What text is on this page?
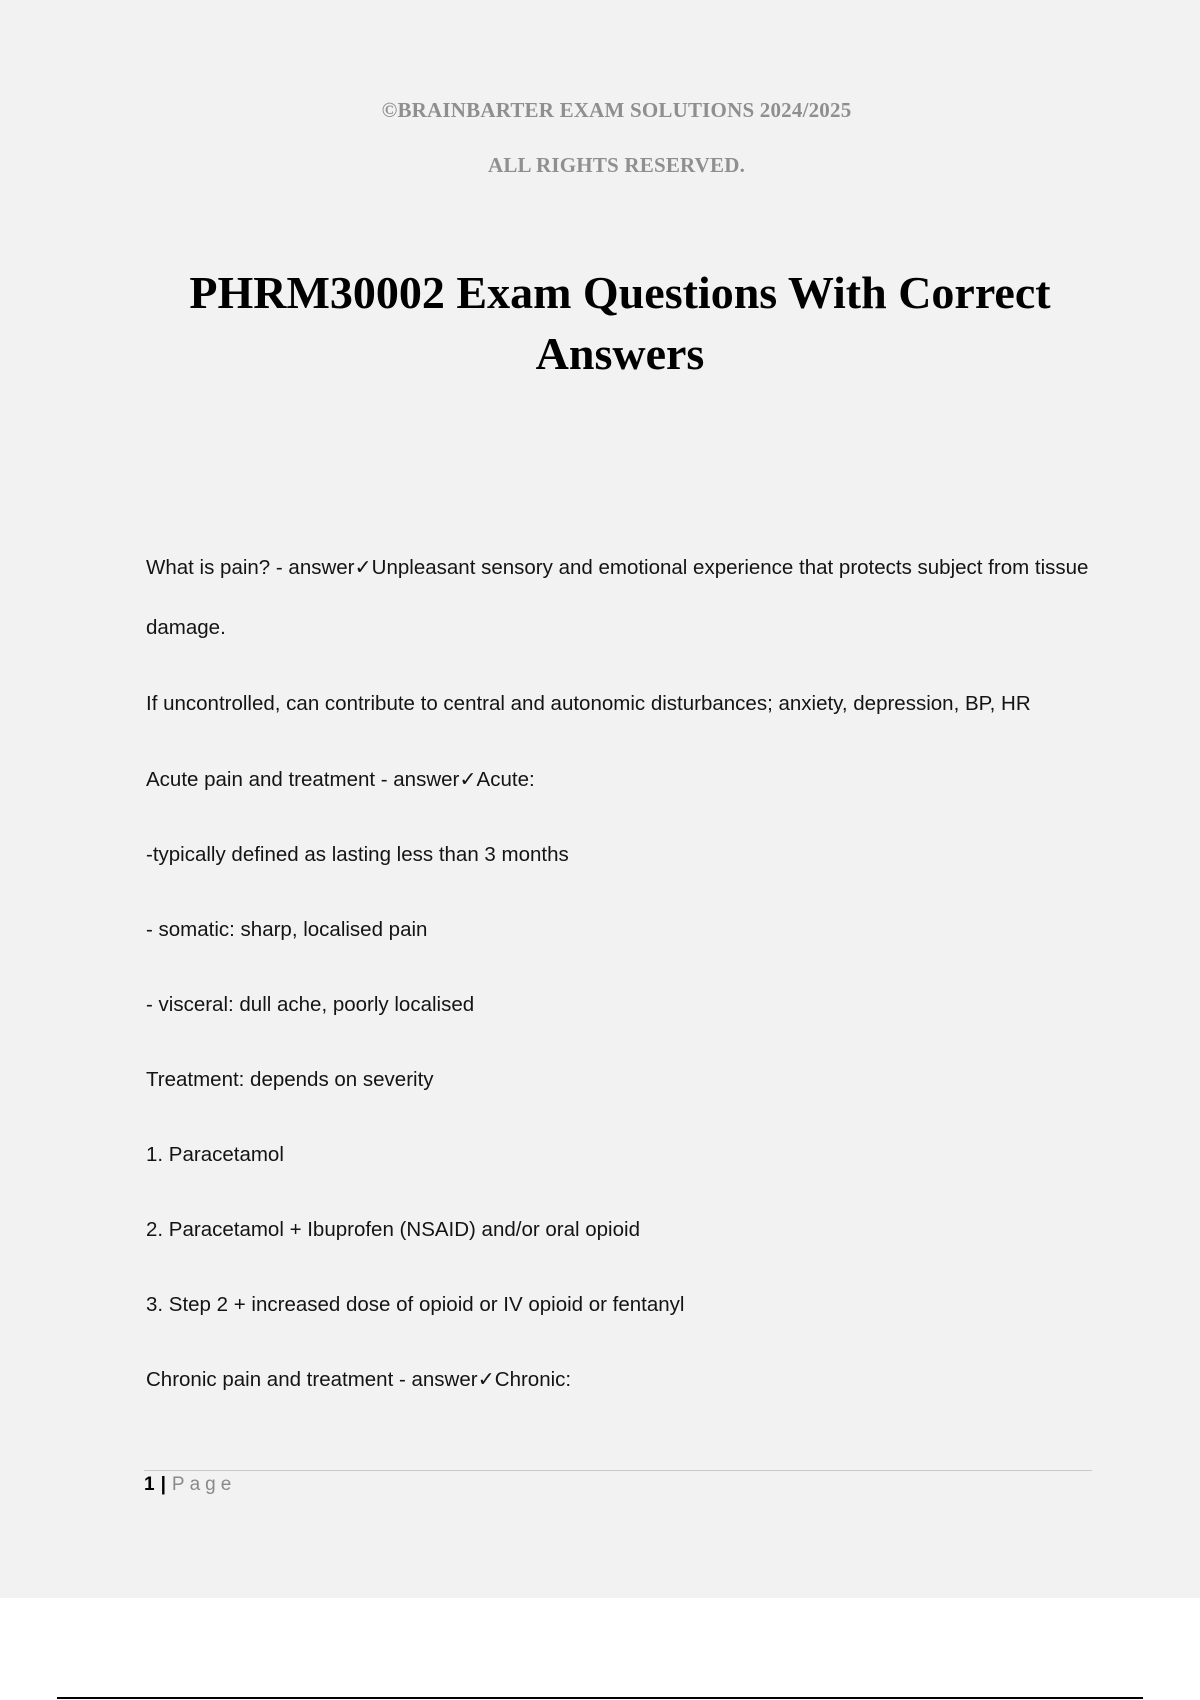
©BRAINBARTER EXAM SOLUTIONS 2024/2025
ALL RIGHTS RESERVED.
PHRM30002 Exam Questions With Correct Answers

What is pain? - answer✓Unpleasant sensory and emotional experience that protects subject from tissue damage.

If uncontrolled, can contribute to central and autonomic disturbances; anxiety, depression, BP, HR

Acute pain and treatment - answer✓Acute:

-typically defined as lasting less than 3 months

- somatic: sharp, localised pain

- visceral: dull ache, poorly localised

Treatment: depends on severity

1. Paracetamol

2. Paracetamol + Ibuprofen (NSAID) and/or oral opioid

3. Step 2 + increased dose of opioid or IV opioid or fentanyl

Chronic pain and treatment - answer✓Chronic:

1 | Page
